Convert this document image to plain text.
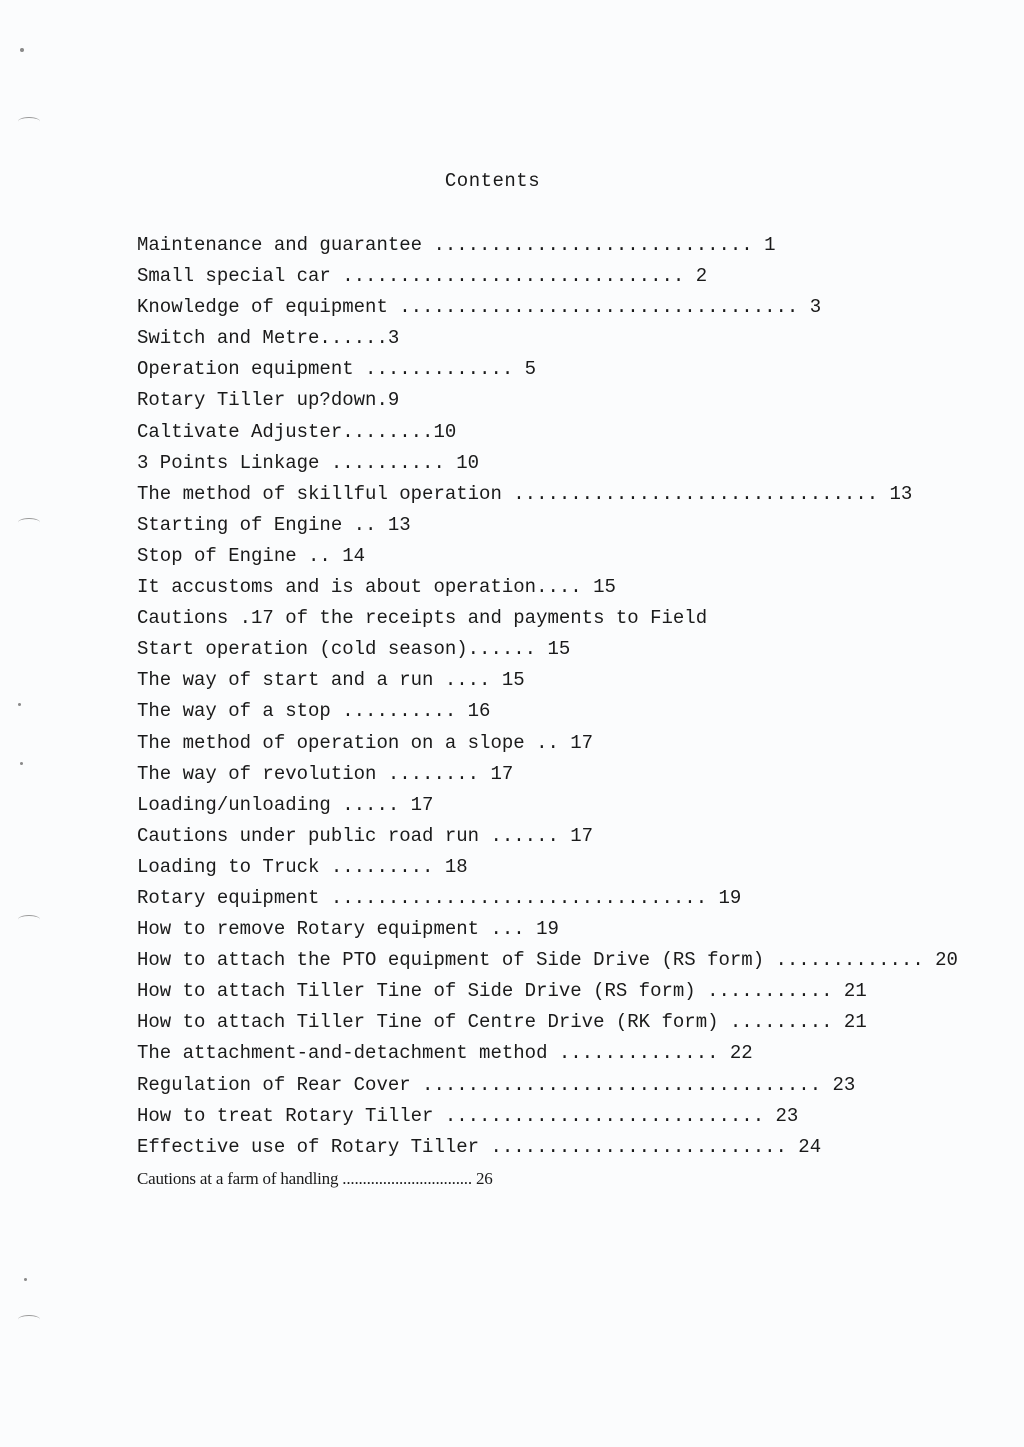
Contents
Maintenance and guarantee ............................ 1
Small special car .............................. 2
Knowledge of equipment ................................... 3
Switch and Metre......3
Operation equipment ............. 5
Rotary Tiller up?down.9
Caltivate Adjuster........10
3 Points Linkage .......... 10
The method of skillful operation ................................ 13
Starting of Engine .. 13
Stop of Engine .. 14
It accustoms and is about operation.... 15
Cautions .17 of the receipts and payments to Field
Start operation (cold season)...... 15
The way of start and a run .... 15
The way of a stop .......... 16
The method of operation on a slope .. 17
The way of revolution ........ 17
Loading/unloading ..... 17
Cautions under public road run ...... 17
Loading to Truck ......... 18
Rotary equipment ................................. 19
How to remove Rotary equipment ... 19
How to attach the PTO equipment of Side Drive (RS form) ............. 20
How to attach Tiller Tine of Side Drive (RS form) ........... 21
How to attach Tiller Tine of Centre Drive (RK form) ......... 21
The attachment-and-detachment method .............. 22
Regulation of Rear Cover ................................... 23
How to treat Rotary Tiller ............................ 23
Effective use of Rotary Tiller .......................... 24
Cautions at a farm of handling ................................ 26
